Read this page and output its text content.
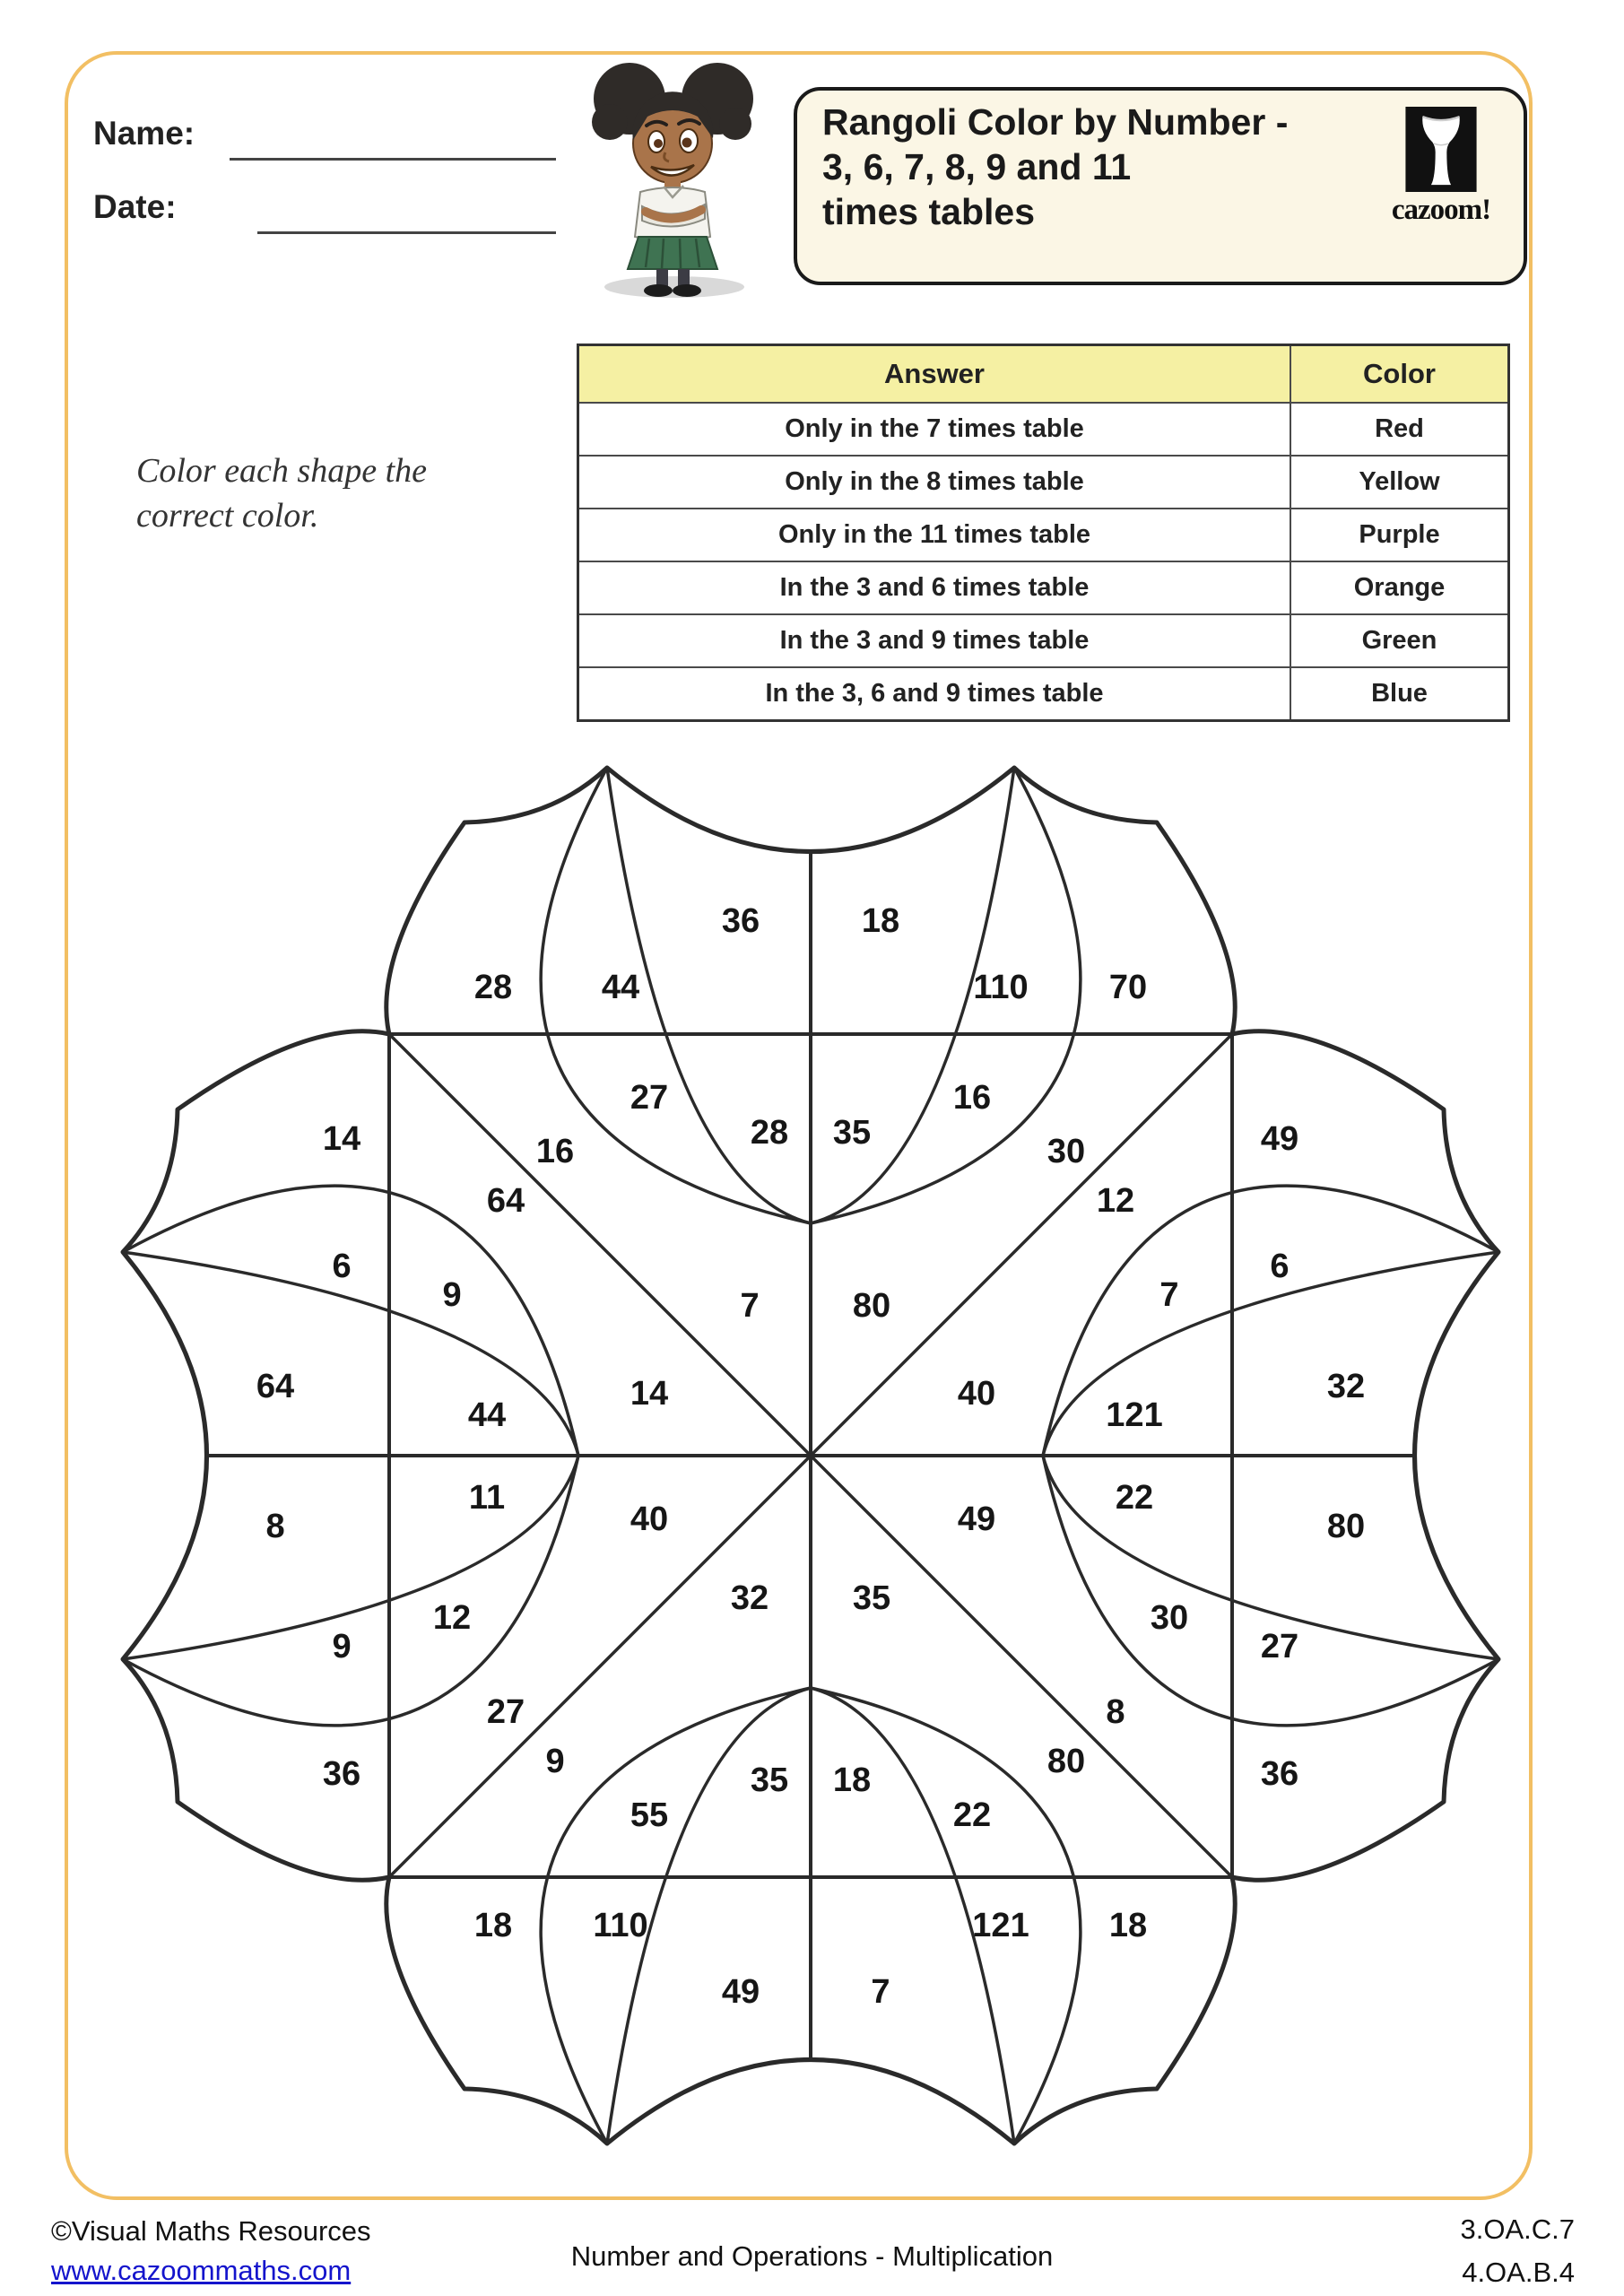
Name:
Date:
Rangoli Color by Number -
3, 6, 7, 8, 9 and 11
times tables	cazoom!
Color each shape the
correct color.
Answer	Color
Only in the 7 times table	Red
Only in the 8 times table	Yellow
Only in the 11 times table	Purple
In the 3 and 6 times table	Orange
In the 3 and 9 times table	Green
In the 3, 6 and 9 times table	Blue
36	18
28	44	110 70
27	16
28 35
16	30	49
6
12
7
121
32
80
22
30
8
27
36
35 18
55	22
9	80
110	121
18	18
49	7
64
8
14
36
6
9
9
12
44
11
64
27
7	80
14	40
40	49
32 35
©Visual Maths Resources
www.cazoommaths.com	Number and Operations - Multiplication
3.OA.C.7
4.OA.B.4
